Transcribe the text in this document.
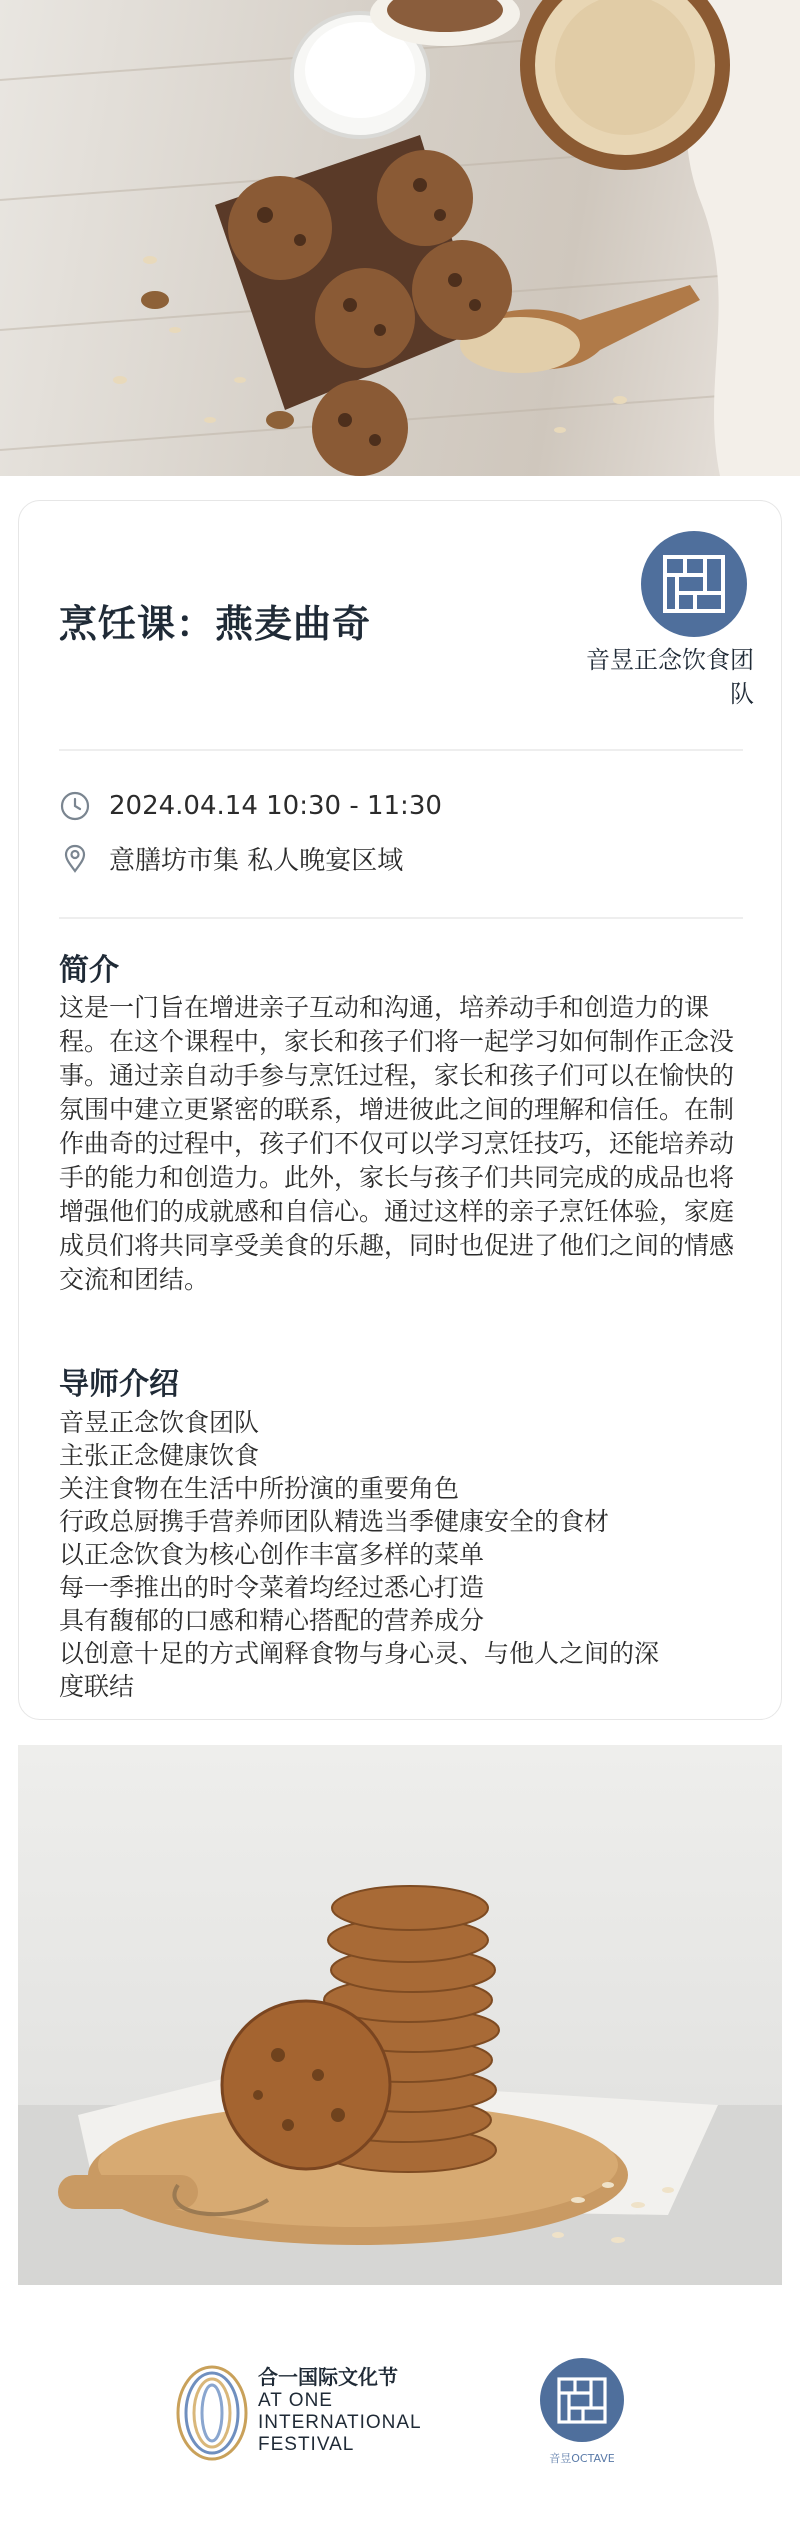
烹饪课：燕麦曲奇
音昱正念饮食团
队
2024.04.14 10:30 - 11:30
意膳坊市集 私人晚宴区域
简介

这是一门旨在增进亲子互动和沟通，培养动手和创造力的课程。在这个课程中，家长和孩子们将一起学习如何制作正念没事。通过亲自动手参与烹饪过程，家长和孩子们可以在愉快的氛围中建立更紧密的联系，增进彼此之间的理解和信任。在制作曲奇的过程中，孩子们不仅可以学习烹饪技巧，还能培养动手的能力和创造力。此外，家长与孩子们共同完成的成品也将增强他们的成就感和自信心。通过这样的亲子烹饪体验，家庭成员们将共同享受美食的乐趣，同时也促进了他们之间的情感交流和团结。

导师介绍
音昱正念饮食团队
主张正念健康饮食
关注食物在生活中所扮演的重要角色
行政总厨携手营养师团队精选当季健康安全的食材
以正念饮食为核心创作丰富多样的菜单
每一季推出的时令菜着均经过悉心打造
具有馥郁的口感和精心搭配的营养成分
以创意十足的方式阐释食物与身心灵、与他人之间的深
度联结
合一国际文化节
AT ONE
INTERNATIONAL
FESTIVAL
音昱OCTAVE
